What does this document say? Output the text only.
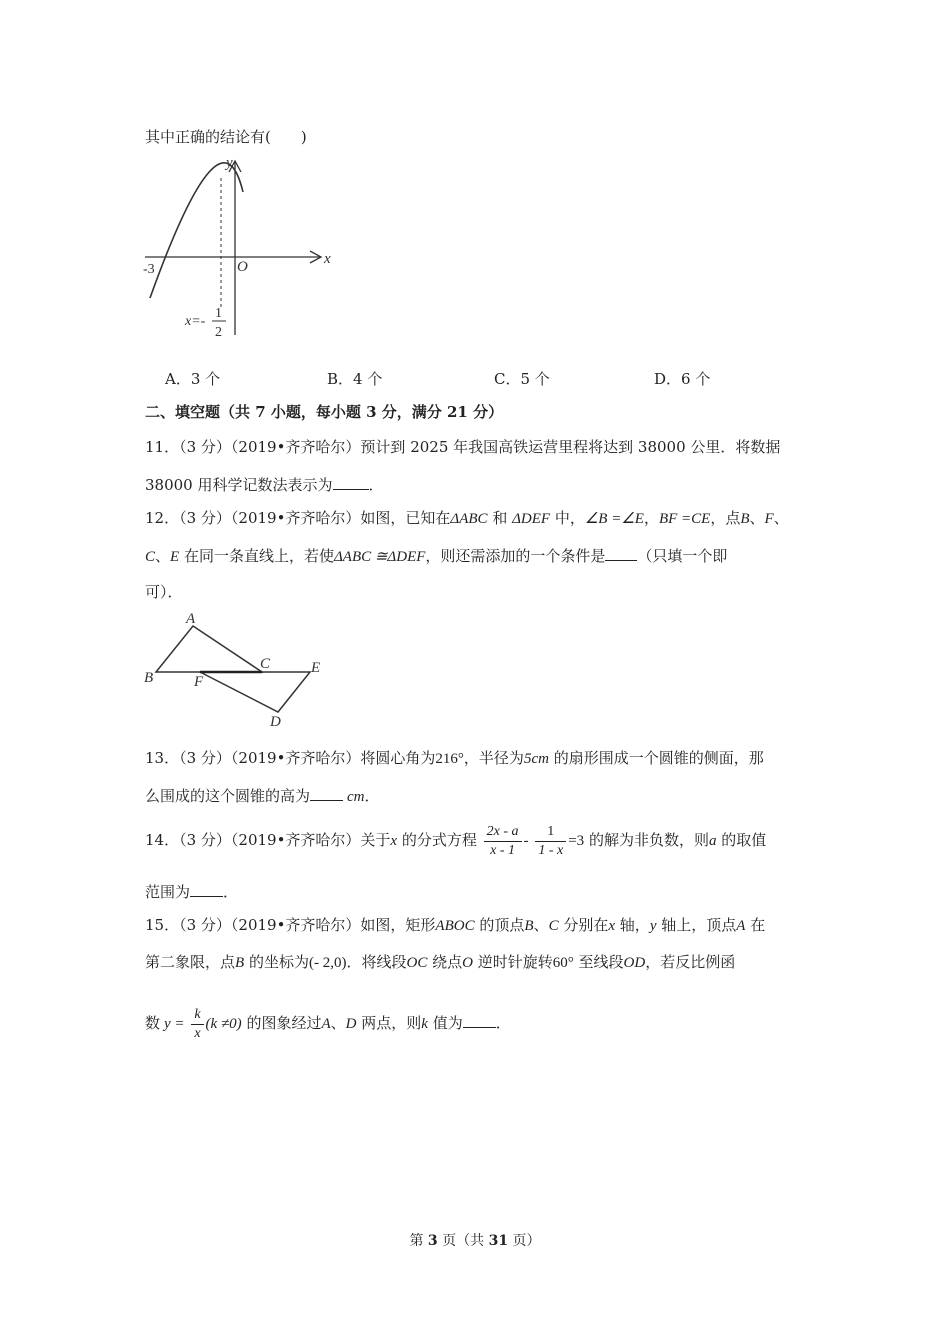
其中正确的结论有(　　)
y
x
O
-3
x=-
1
2
A．3 个	B．4 个	C．5 个	D．6 个
二、填空题（共 7 小题，每小题 3 分，满分 21 分）
11．（3 分）（2019•齐齐哈尔）预计到 2025 年我国高铁运营里程将达到 38000 公里．将数据
38000 用科学记数法表示为 ．
12．（3 分）（2019•齐齐哈尔）如图，已知在ΔABC 和 ΔDEF 中，∠B =∠E，BF =CE，点B、F、
C、E 在同一条直线上，若使ΔABC ≅ΔDEF，则还需添加的一个条件是 （只填一个即
可）．
A
B
C
D
E
F
13．（3 分）（2019•齐齐哈尔）将圆心角为216°，半径为5cm 的扇形围成一个圆锥的侧面，那
么围成的这个圆锥的高为 cm．
14．（3 分）（2019•齐齐哈尔）关于x 的分式方程 $\frac{2x - a}{x - 1} - \frac{1}{1 - x} =3$ 的解为非负数，则a 的取值
范围为 ．
15．（3 分）（2019•齐齐哈尔）如图，矩形ABOC 的顶点B、C 分别在x 轴，y 轴上，顶点A 在
第二象限，点B 的坐标为(- 2,0)．将线段OC 绕点O 逆时针旋转60° 至线段OD，若反比例函
数 $y = \frac{k}{x} (k \ne 0)$ 的图象经过A、D 两点，则k 值为 ．
第 3 页（共 31 页）
